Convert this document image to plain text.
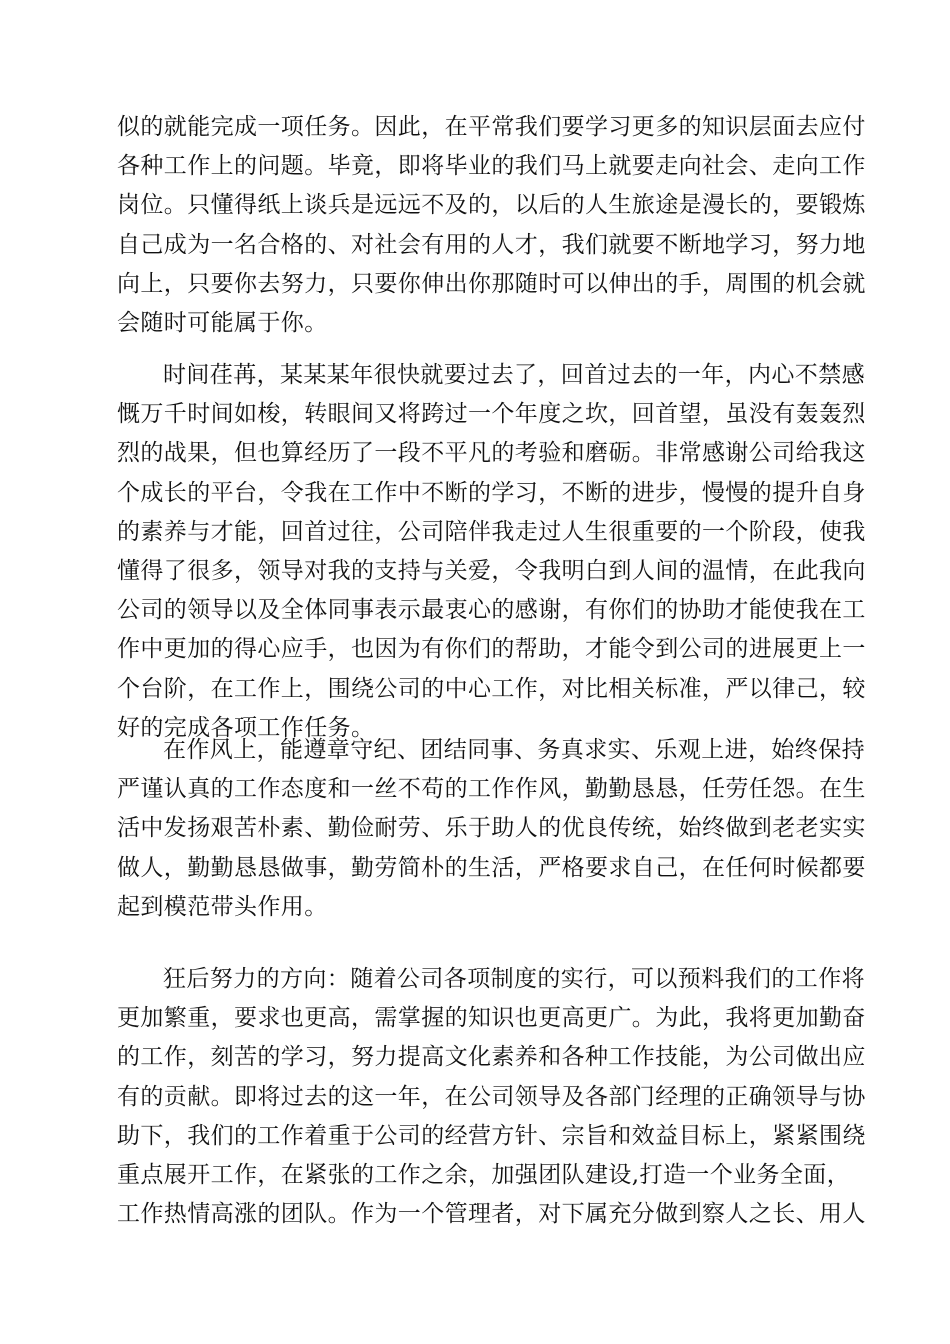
似的就能完成一项任务。因此，在平常我们要学习更多的知识层面去应付
各种工作上的问题。毕竟，即将毕业的我们马上就要走向社会、走向工作
岗位。只懂得纸上谈兵是远远不及的，以后的人生旅途是漫长的，要锻炼
自己成为一名合格的、对社会有用的人才，我们就要不断地学习，努力地
向上，只要你去努力，只要你伸出你那随时可以伸出的手，周围的机会就
会随时可能属于你。
时间荏苒，某某某年很快就要过去了，回首过去的一年，内心不禁感
慨万千时间如梭，转眼间又将跨过一个年度之坎，回首望，虽没有轰轰烈
烈的战果，但也算经历了一段不平凡的考验和磨砺。非常感谢公司给我这
个成长的平台，令我在工作中不断的学习，不断的进步，慢慢的提升自身
的素养与才能，回首过往，公司陪伴我走过人生很重要的一个阶段，使我
懂得了很多，领导对我的支持与关爱，令我明白到人间的温情，在此我向
公司的领导以及全体同事表示最衷心的感谢，有你们的协助才能使我在工
作中更加的得心应手，也因为有你们的帮助，才能令到公司的进展更上一
个台阶，在工作上，围绕公司的中心工作，对比相关标准，严以律己，较
好的完成各项工作任务。
在作风上，能遵章守纪、团结同事、务真求实、乐观上进，始终保持
严谨认真的工作态度和一丝不苟的工作作风，勤勤恳恳，任劳任怨。在生
活中发扬艰苦朴素、勤俭耐劳、乐于助人的优良传统，始终做到老老实实
做人，勤勤恳恳做事，勤劳简朴的生活，严格要求自己，在任何时候都要
起到模范带头作用。
狂后努力的方向：随着公司各项制度的实行，可以预料我们的工作将
更加繁重，要求也更高，需掌握的知识也更高更广。为此，我将更加勤奋
的工作，刻苦的学习，努力提高文化素养和各种工作技能，为公司做出应
有的贡献。即将过去的这一年，在公司领导及各部门经理的正确领导与协
助下，我们的工作着重于公司的经营方针、宗旨和效益目标上，紧紧围绕
重点展开工作，在紧张的工作之余，加强团队建设,打造一个业务全面，
工作热情高涨的团队。作为一个管理者，对下属充分做到察人之长、用人
